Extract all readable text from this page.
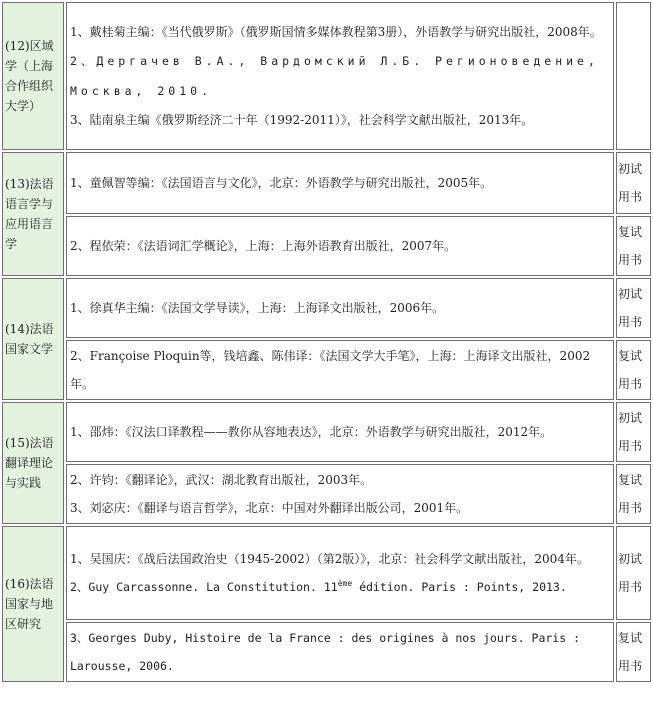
(12)区域学（上海合作组织大学）	1、戴桂菊主编：《当代俄罗斯》（俄罗斯国情多媒体教程第3册），外语教学与研究出版社，2008年。
2、Дергачев В.А., Вардомский Л.Б. Регионоведение, Москва, 2010.
3、陆南泉主编《俄罗斯经济二十年（1992-2011）》，社会科学文献出版社，2013年。	

(13)法语语言学与应用语言学	1、童佩智等编：《法国语言与文化》，北京：外语教学与研究出版社，2005年。	初试用书

	2、程依荣：《法语词汇学概论》，上海：上海外语教育出版社，2007年。	复试用书
(14)法语国家文学	1、徐真华主编：《法国文学导读》，上海：上海译文出版社，2006年。	初试用书

	2、Françoise Ploquin等，钱培鑫、陈伟译：《法国文学大手笔》，上海：上海译文出版社，2002年。	复试用书
(15)法语翻译理论与实践	1、邵炜：《汉法口译教程——教你从容地表达》，北京：外语教学与研究出版社，2012年。	初试用书

	2、许钧：《翻译论》，武汉：湖北教育出版社，2003年。
3、刘宓庆：《翻译与语言哲学》，北京：中国对外翻译出版公司，2001年。	复试用书
(16)法语国家与地区研究	1、吴国庆：《战后法国政治史（1945-2002）（第2版）》，北京：社会科学文献出版社，2004年。
2、Guy Carcassonne. La Constitution. 11ème édition. Paris : Points, 2013.	初试用书

	3、Georges Duby, Histoire de la France : des origines à nos jours. Paris : Larousse, 2006.	复试用书
